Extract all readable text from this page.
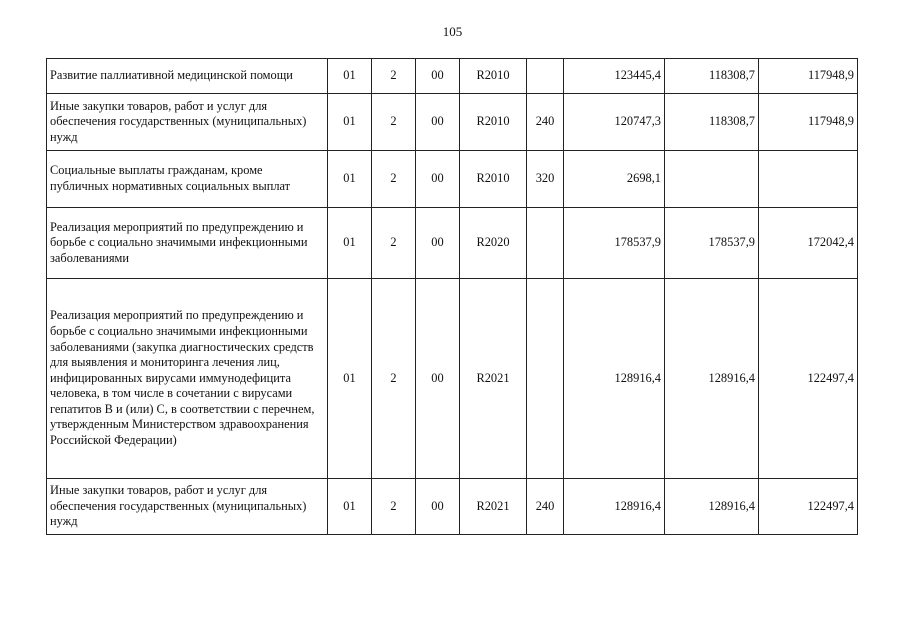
105
Развитие паллиативной медицинской помощи	01	2	00	R2010		123445,4	118308,7	117948,9
Иные закупки товаров, работ и услуг для обеспечения государственных (муниципальных) нужд	01	2	00	R2010	240	120747,3	118308,7	117948,9
Социальные выплаты гражданам, кроме публичных нормативных социальных выплат	01	2	00	R2010	320	2698,1		
Реализация мероприятий по предупреждению и борьбе с социально значимыми инфекционными заболеваниями	01	2	00	R2020		178537,9	178537,9	172042,4
Реализация мероприятий по предупреждению и борьбе с социально значимыми инфекционными заболеваниями (закупка диагностических средств для выявления и мониторинга лечения лиц, инфицированных вирусами иммунодефицита человека, в том числе в сочетании с вирусами гепатитов B и (или) C, в соответствии с перечнем, утвержденным Министерством здравоохранения Российской Федерации)	01	2	00	R2021		128916,4	128916,4	122497,4
Иные закупки товаров, работ и услуг для обеспечения государственных (муниципальных) нужд	01	2	00	R2021	240	128916,4	128916,4	122497,4
